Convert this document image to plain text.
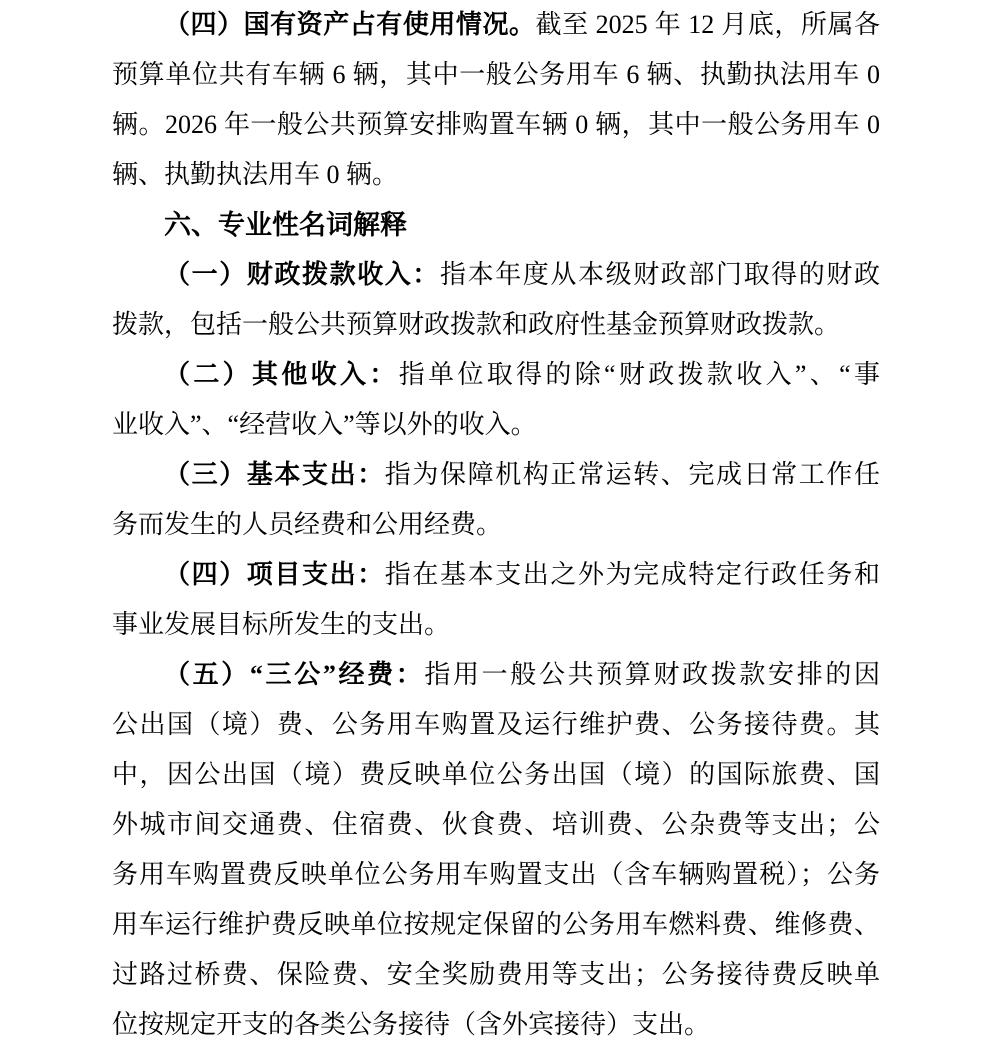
（四）国有资产占有使用情况。截至 2025 年 12 月底，所属各
预算单位共有车辆 6 辆，其中一般公务用车 6 辆、执勤执法用车 0
辆。2026 年一般公共预算安排购置车辆 0 辆，其中一般公务用车 0
辆、执勤执法用车 0 辆。
六、专业性名词解释
（一）财政拨款收入：指本年度从本级财政部门取得的财政
拨款，包括一般公共预算财政拨款和政府性基金预算财政拨款。
（二）其他收入：指单位取得的除“财政拨款收入”、“事
业收入”、“经营收入”等以外的收入。
（三）基本支出：指为保障机构正常运转、完成日常工作任
务而发生的人员经费和公用经费。
（四）项目支出：指在基本支出之外为完成特定行政任务和
事业发展目标所发生的支出。
（五）“三公”经费：指用一般公共预算财政拨款安排的因
公出国（境）费、公务用车购置及运行维护费、公务接待费。其
中，因公出国（境）费反映单位公务出国（境）的国际旅费、国
外城市间交通费、住宿费、伙食费、培训费、公杂费等支出；公
务用车购置费反映单位公务用车购置支出（含车辆购置税）；公务
用车运行维护费反映单位按规定保留的公务用车燃料费、维修费、
过路过桥费、保险费、安全奖励费用等支出；公务接待费反映单
位按规定开支的各类公务接待（含外宾接待）支出。
